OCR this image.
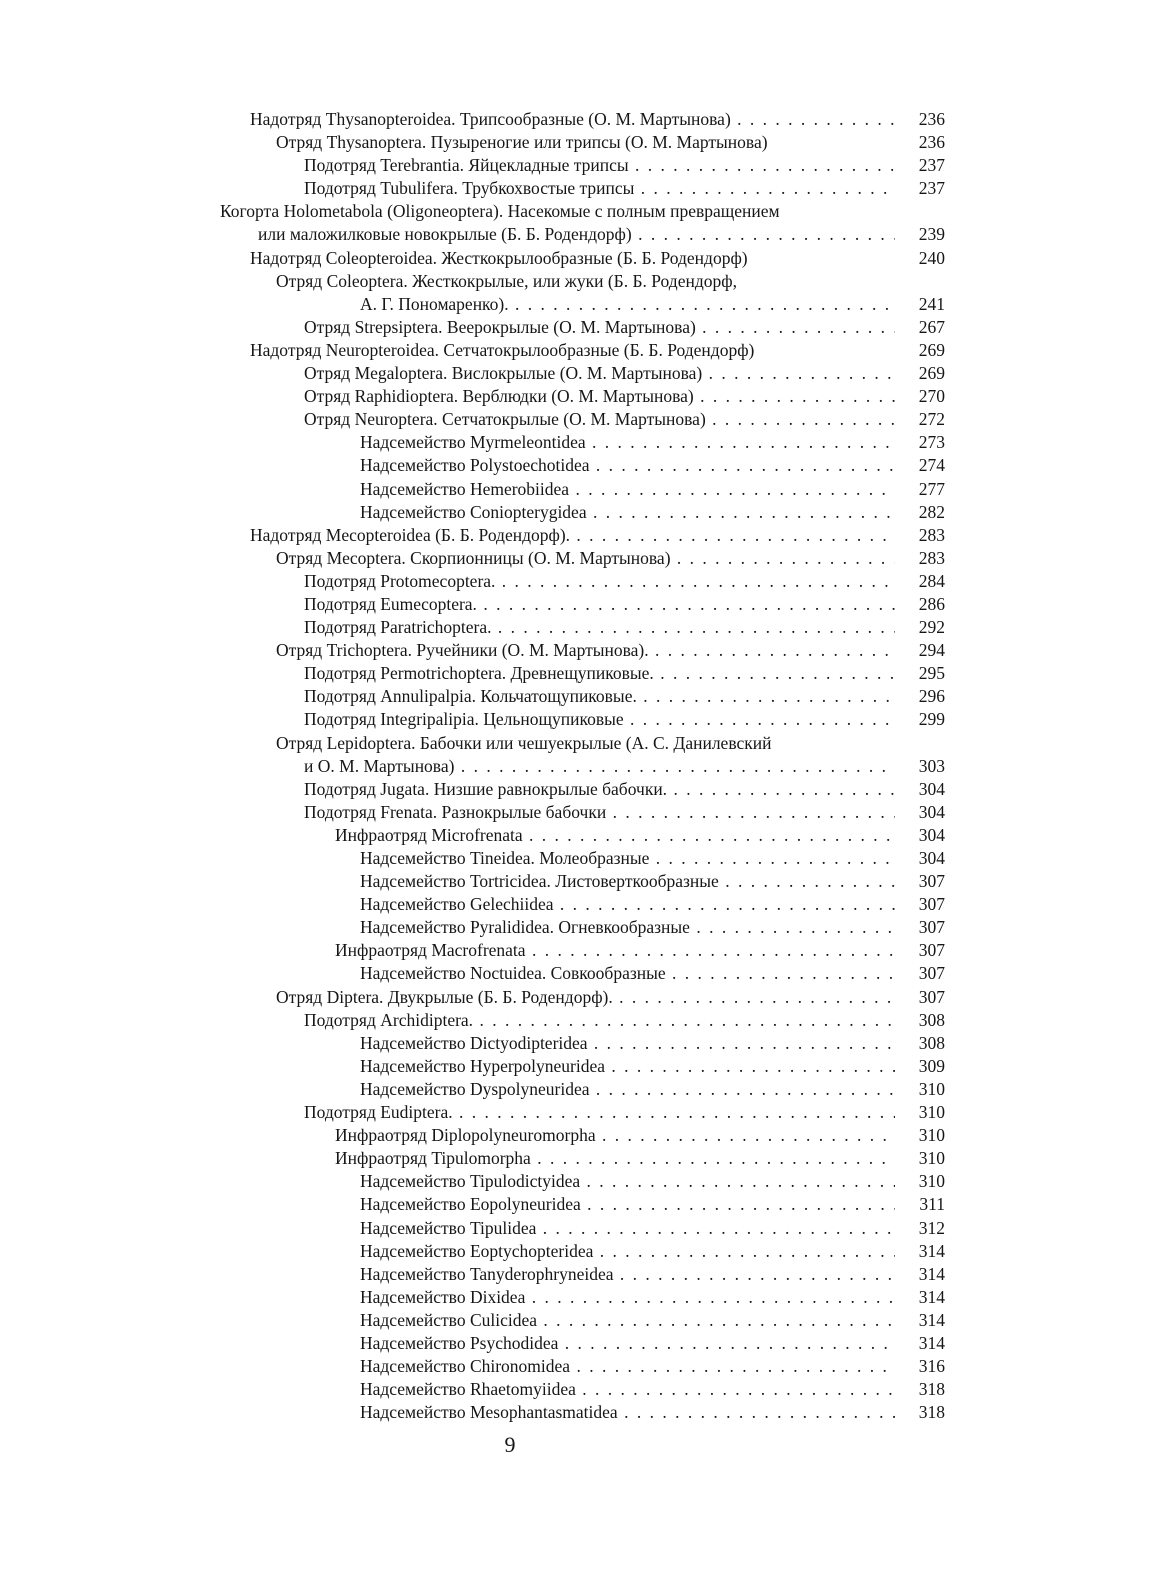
Надотряд Thysanopteroidea. Трипсообразные (О. М. Мартынова) . . .	236
Отряд Thysanoptera. Пузыреногие или трипсы (О. М. Мартынова)	236
Подотряд Terebrantia. Яйцекладные трипсы . . .	237
Подотряд Tubulifera. Трубкохвостые трипсы . . .	237
Когорта Holometabola (Oligoneoptera). Насекомые с полным превращением
или маложилковые новокрылые (Б. Б. Родендорф) . . .	239
Надотряд Coleopteroidea. Жесткокрылообразные (Б. Б. Родендорф)	240
Отряд Coleoptera. Жесткокрылые, или жуки (Б. Б. Родендорф,
А. Г. Пономаренко). . . .	241
Отряд Strepsiptera. Веерокрылые (О. М. Мартынова) . . .	267
Надотряд Neuropteroidea. Сетчатокрылообразные (Б. Б. Родендорф)	269
Отряд Megaloptera. Вислокрылые (О. М. Мартынова) . . .	269
Отряд Raphidioptera. Верблюдки (О. М. Мартынова) . . .	270
Отряд Neuroptera. Сетчатокрылые (О. М. Мартынова) . . .	272
Надсемейство Myrmeleontidea . . .	273
Надсемейство Polystoechotidea . . .	274
Надсемейство Hemerobiidea . . .	277
Надсемейство Coniopterygidea . . .	282
Надотряд Mecopteroidea (Б. Б. Родендорф). . . .	283
Отряд Mecoptera. Скорпионницы (О. М. Мартынова) . . .	283
Подотряд Protomecoptera. . . .	284
Подотряд Eumecoptera. . . .	286
Подотряд Paratrichoptera. . . .	292
Отряд Trichoptera. Ручейники (О. М. Мартынова). . . .	294
Подотряд Permotrichoptera. Древнещупиковые. . . .	295
Подотряд Annulipalpia. Кольчатощупиковые. . . .	296
Подотряд Integripalipia. Цельнощупиковые . . .	299
Отряд Lepidoptera. Бабочки или чешуекрылые (А. С. Данилевский
и О. М. Мартынова) . . .	303
Подотряд Jugata. Низшие равнокрылые бабочки. . . .	304
Подотряд Frenata. Разнокрылые бабочки . . .	304
Инфраотряд Microfrenata . . .	304
Надсемейство Tineidea. Молеобразные . . .	304
Надсемейство Tortricidea. Листоверткообразные . . .	307
Надсемейство Gelechiidea . . .	307
Надсемейство Pyralididea. Огневкообразные . . .	307
Инфраотряд Macrofrenata . . .	307
Надсемейство Noctuidea. Совкообразные . . .	307
Отряд Diptera. Двукрылые (Б. Б. Родендорф). . . .	307
Подотряд Archidiptera. . . .	308
Надсемейство Dictyodipteridea . . .	308
Надсемейство Hyperpolyneuridea . . .	309
Надсемейство Dyspolyneuridea . . .	310
Подотряд Eudiptera. . . .	310
Инфраотряд Diplopolyneuromorpha . . .	310
Инфраотряд Tipulomorpha . . .	310
Надсемейство Tipulodictyidea . . .	310
Надсемейство Eopolyneuridea . . .	311
Надсемейство Tipulidea . . .	312
Надсемейство Eoptychopteridea . . .	314
Надсемейство Tanyderophryneidea . . .	314
Надсемейство Dixidea . . .	314
Надсемейство Culicidea . . .	314
Надсемейство Psychodidea . . .	314
Надсемейство Chironomidea . . .	316
Надсемейство Rhaetomyiidea . . .	318
Надсемейство Mesophantasmatidea . . .	318
9
